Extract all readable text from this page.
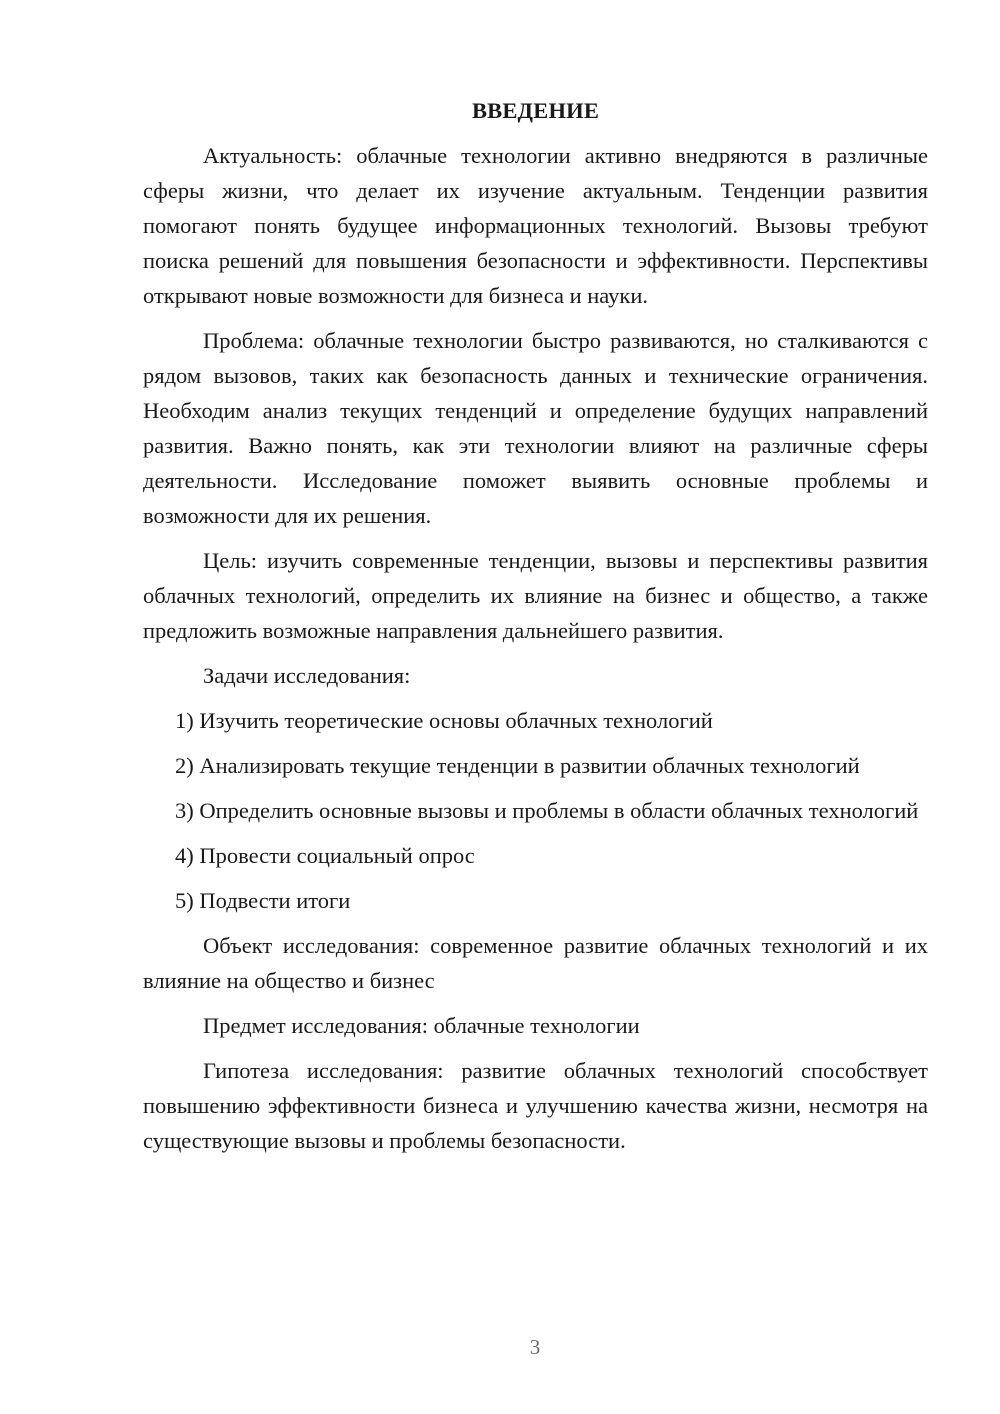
ВВЕДЕНИЕ

Актуальность: облачные технологии активно внедряются в различные сферы жизни, что делает их изучение актуальным. Тенденции развития помогают понять будущее информационных технологий. Вызовы требуют поиска решений для повышения безопасности и эффективности. Перспективы открывают новые возможности для бизнеса и науки.

Проблема: облачные технологии быстро развиваются, но сталкиваются с рядом вызовов, таких как безопасность данных и технические ограничения. Необходим анализ текущих тенденций и определение будущих направлений развития. Важно понять, как эти технологии влияют на различные сферы деятельности. Исследование поможет выявить основные проблемы и возможности для их решения.

Цель: изучить современные тенденции, вызовы и перспективы развития облачных технологий, определить их влияние на бизнес и общество, а также предложить возможные направления дальнейшего развития.

Задачи исследования:

1) Изучить теоретические основы облачных технологий

2) Анализировать текущие тенденции в развитии облачных технологий

3) Определить основные вызовы и проблемы в области облачных технологий

4) Провести социальный опрос

5) Подвести итоги

Объект исследования: современное развитие облачных технологий и их влияние на общество и бизнес

Предмет исследования: облачные технологии

Гипотеза исследования: развитие облачных технологий способствует повышению эффективности бизнеса и улучшению качества жизни, несмотря на существующие вызовы и проблемы безопасности.

3
